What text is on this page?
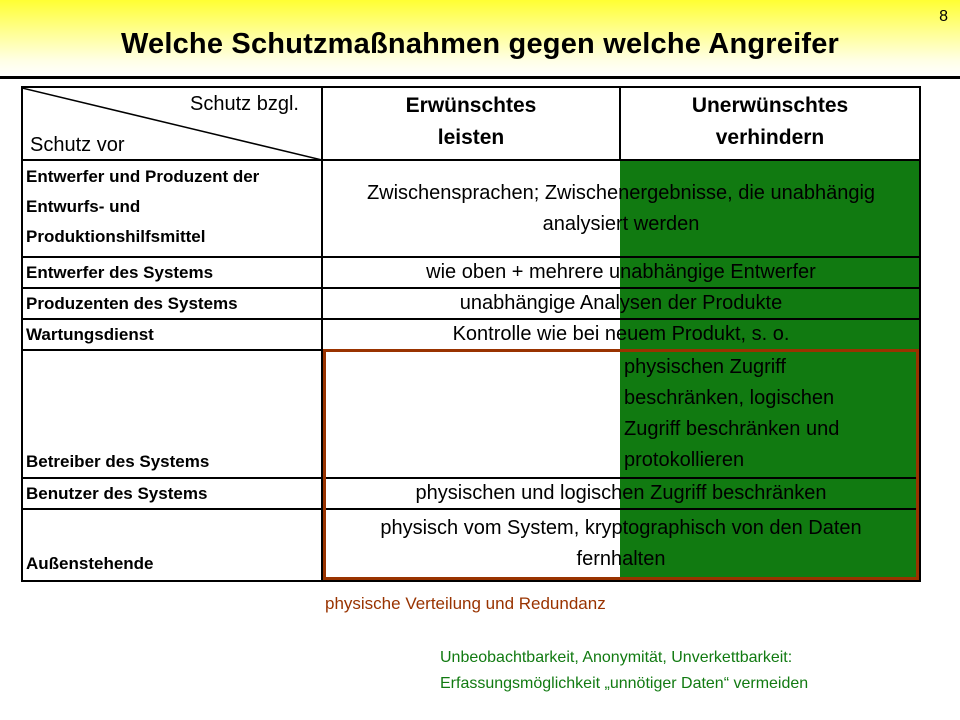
8
Welche Schutzmaßnahmen gegen welche Angreifer
Schutz bzgl.
Schutz vor
Erwünschtes
leisten
Unerwünschtes
verhindern
Entwerfer und Produzent der
Entwurfs- und
Produktionshilfsmittel
Entwerfer des Systems
Produzenten des Systems
Wartungsdienst
Betreiber des Systems
Benutzer des Systems
Außenstehende
Zwischensprachen; Zwischenergebnisse, die unabhängig
analysiert werden
wie oben + mehrere unabhängige Entwerfer
unabhängige Analysen der Produkte
Kontrolle wie bei neuem Produkt, s. o.
physischen Zugriff
beschränken, logischen
Zugriff beschränken und
protokollieren
physischen und logischen Zugriff beschränken
physisch vom System, kryptographisch von den Daten
fernhalten
physische Verteilung und Redundanz
Unbeobachtbarkeit, Anonymität, Unverkettbarkeit:
Erfassungsmöglichkeit „unnötiger Daten“ vermeiden
